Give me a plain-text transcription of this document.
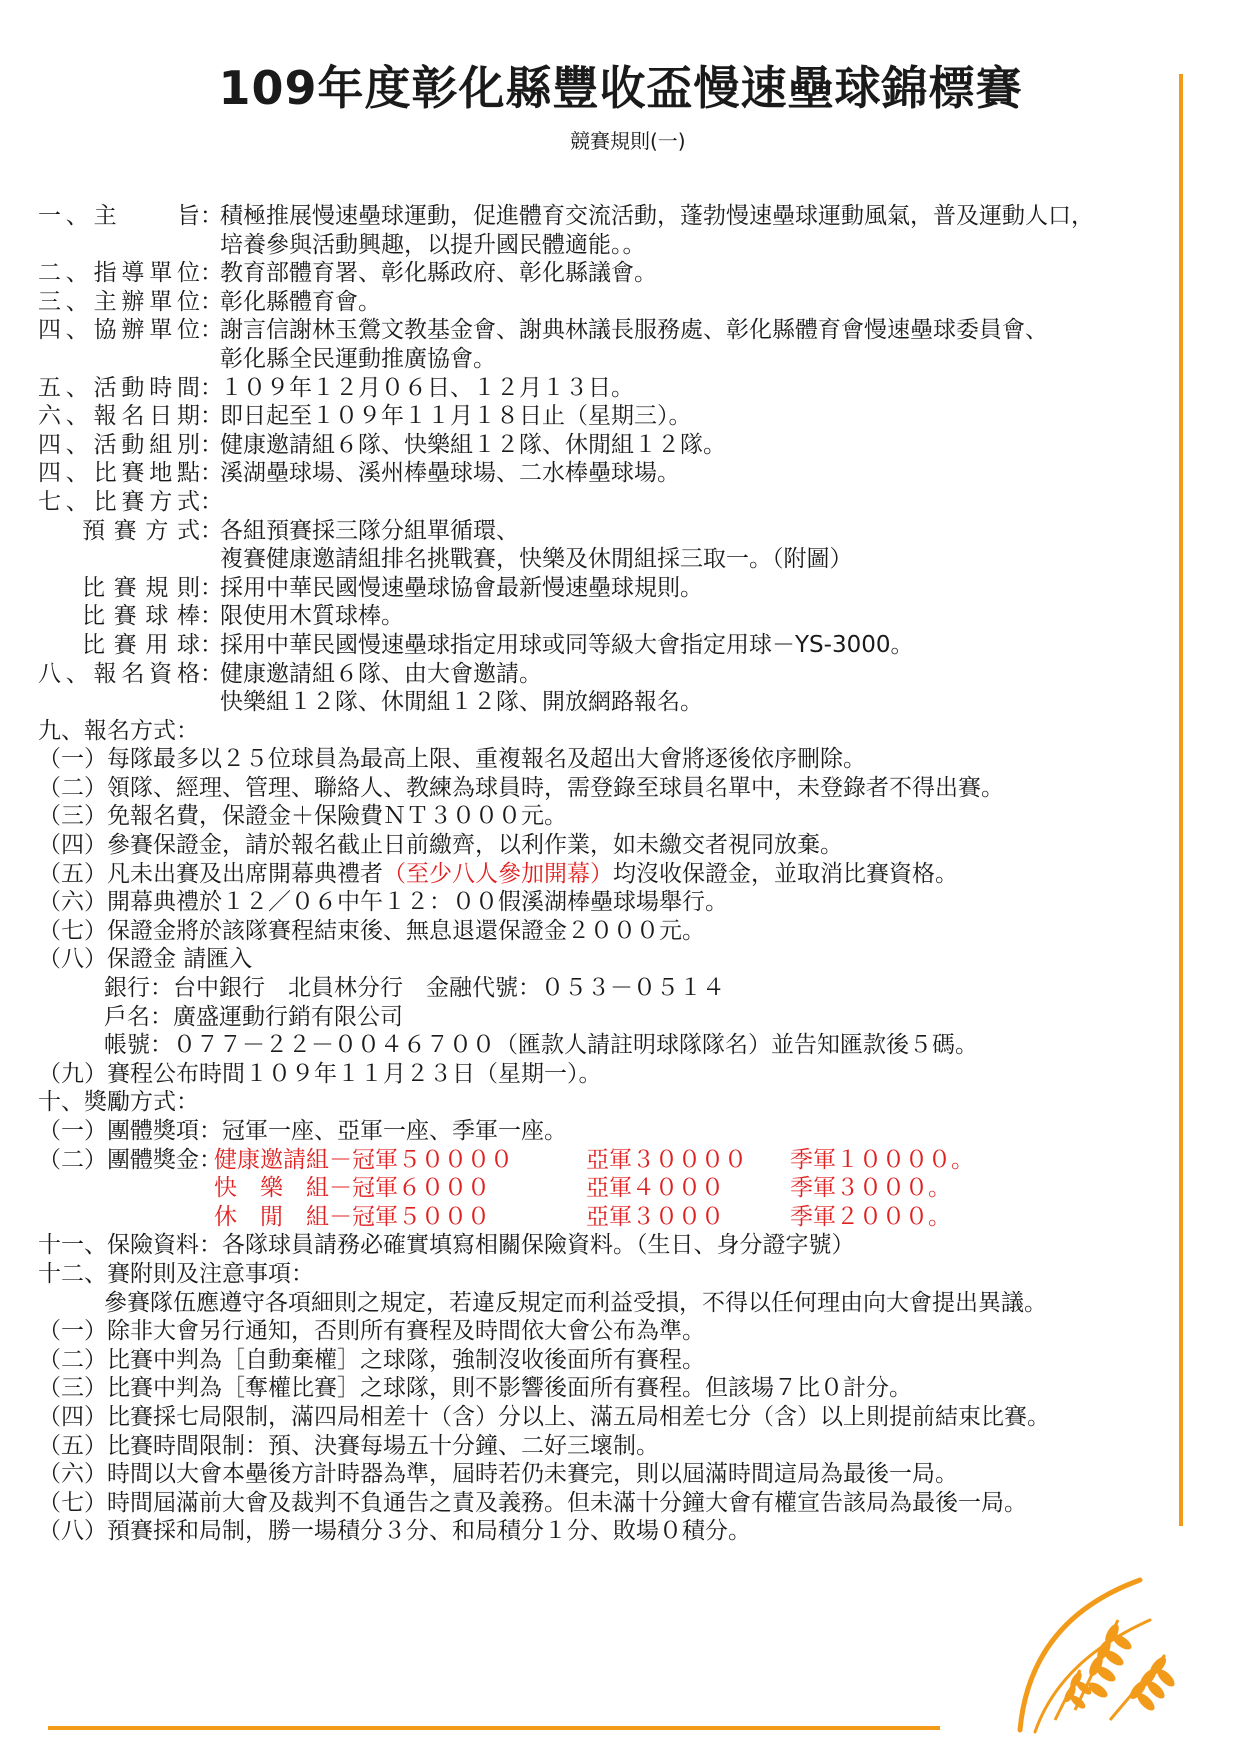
109年度彰化縣豐收盃慢速壘球錦標賽
競賽規則(一)
一、主　　旨 ：
積極推展慢速壘球運動，促進體育交流活動，蓬勃慢速壘球運動風氣，普及運動人口，
培養參與活動興趣，以提升國民體適能。。
二、指導單位 ：
教育部體育署、彰化縣政府、彰化縣議會。
三、主辦單位 ：
彰化縣體育會。
四、協辦單位 ：
謝言信謝林玉鶯文教基金會、謝典林議長服務處、彰化縣體育會慢速壘球委員會、
彰化縣全民運動推廣協會。
五、活動時間 ：
１０９年１２月０６日、１２月１３日。
六、報名日期 ：
即日起至１０９年１１月１８日止（星期三）。
四、活動組別 ：
健康邀請組６隊、快樂組１２隊、休閒組１２隊。
四、比賽地點 ：
溪湖壘球場、溪州棒壘球場、二水棒壘球場。
七、比賽方式 ：
預賽方式 ：
各組預賽採三隊分組單循環、
複賽健康邀請組排名挑戰賽，快樂及休閒組採三取一。（附圖）
比賽規則 ：
採用中華民國慢速壘球協會最新慢速壘球規則。
比賽球棒 ：
限使用木質球棒。
比賽用球 ：
採用中華民國慢速壘球指定用球或同等級大會指定用球－YS-3000。
八、報名資格 ：
健康邀請組６隊、由大會邀請。
快樂組１２隊、休閒組１２隊、開放網路報名。
九、報名方式：
（一）每隊最多以２５位球員為最高上限、重複報名及超出大會將逐後依序刪除。
（二）領隊、經理、管理、聯絡人、教練為球員時，需登錄至球員名單中，未登錄者不得出賽。
（三）免報名費，保證金＋保險費ＮＴ３０００元。
（四）參賽保證金，請於報名截止日前繳齊，以利作業，如未繳交者視同放棄。
（五）凡未出賽及出席開幕典禮者 （至少八人參加開幕） 均沒收保證金，並取消比賽資格。
（六）開幕典禮於１２／０６中午１２：００假溪湖棒壘球場舉行。
（七）保證金將於該隊賽程結束後、無息退還保證金２０００元。
（八）保證金 請匯入
銀行：台中銀行　北員林分行　金融代號：０５３－０５１４
戶名：廣盛運動行銷有限公司
帳號：０７７－２２－００４６７００（匯款人請註明球隊隊名）並告知匯款後５碼。
（九）賽程公布時間１０９年１１月２３日（星期一）。
十、獎勵方式：
（一）團體獎項：冠軍一座、亞軍一座、季軍一座。
（二）團體獎金：
健康邀請組－冠軍５００００	亞軍３００００ 季軍１００００。
快　樂　組－冠軍６０００	亞軍４０００	季軍３０００。
休　閒　組－冠軍５０００	亞軍３０００	季軍２０００。
十一、保險資料：各隊球員請務必確實填寫相關保險資料。（生日、身分證字號）
十二、賽附則及注意事項：
參賽隊伍應遵守各項細則之規定，若違反規定而利益受損，不得以任何理由向大會提出異議。
（一）除非大會另行通知，否則所有賽程及時間依大會公布為準。
（二）比賽中判為［自動棄權］之球隊，強制沒收後面所有賽程。
（三）比賽中判為［奪權比賽］之球隊，則不影響後面所有賽程。但該場７比０計分。
（四）比賽採七局限制，滿四局相差十（含）分以上、滿五局相差七分（含）以上則提前結束比賽。
（五）比賽時間限制：預、決賽每場五十分鐘、二好三壞制。
（六）時間以大會本壘後方計時器為準，屆時若仍未賽完，則以屆滿時間這局為最後一局。
（七）時間屆滿前大會及裁判不負通告之責及義務。但未滿十分鐘大會有權宣告該局為最後一局。
（八）預賽採和局制，勝一場積分３分、和局積分１分、敗場０積分。
